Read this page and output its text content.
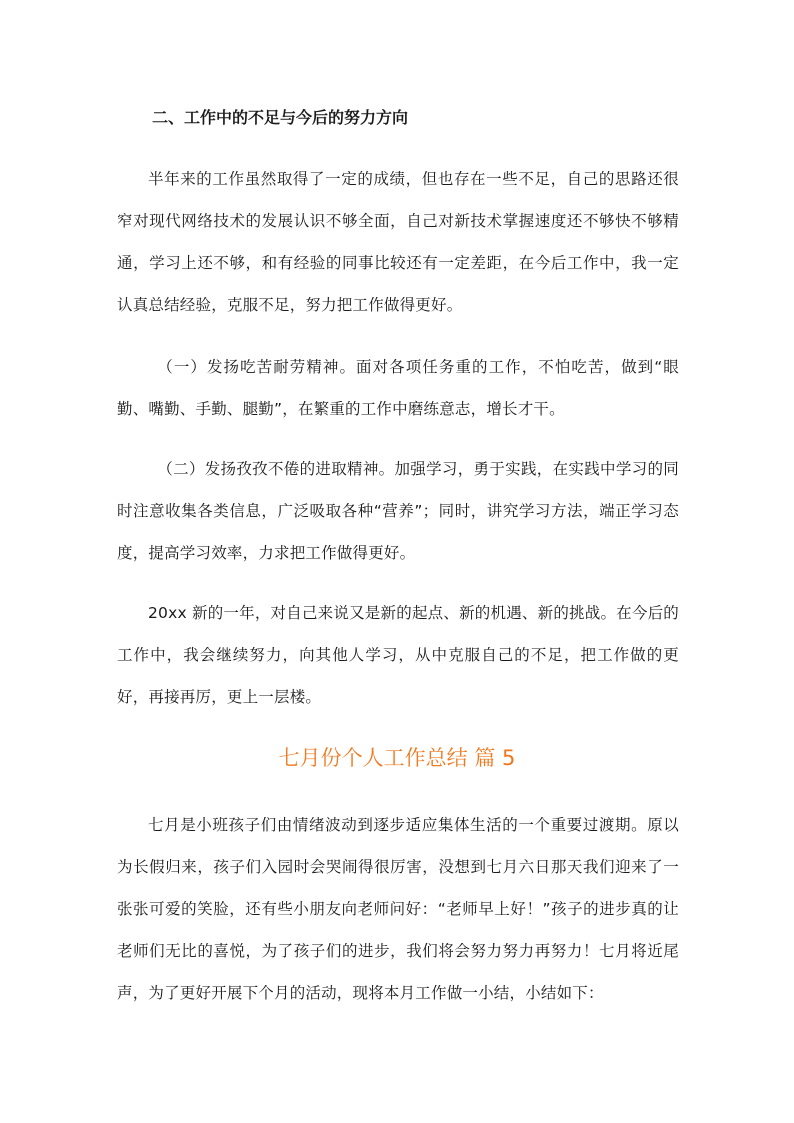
二、工作中的不足与今后的努力方向

半年来的工作虽然取得了一定的成绩，但也存在一些不足，自己的思路还很窄对现代网络技术的发展认识不够全面，自己对新技术掌握速度还不够快不够精通，学习上还不够，和有经验的同事比较还有一定差距，在今后工作中，我一定认真总结经验，克服不足，努力把工作做得更好。

（一）发扬吃苦耐劳精神。面对各项任务重的工作，不怕吃苦，做到“眼勤、嘴勤、手勤、腿勤”，在繁重的工作中磨练意志，增长才干。

（二）发扬孜孜不倦的进取精神。加强学习，勇于实践，在实践中学习的同时注意收集各类信息，广泛吸取各种“营养”；同时，讲究学习方法，端正学习态度，提高学习效率，力求把工作做得更好。

20xx 新的一年，对自己来说又是新的起点、新的机遇、新的挑战。在今后的工作中，我会继续努力，向其他人学习，从中克服自己的不足，把工作做的更好，再接再厉，更上一层楼。

七月份个人工作总结 篇 5

七月是小班孩子们由情绪波动到逐步适应集体生活的一个重要过渡期。原以为长假归来，孩子们入园时会哭闹得很厉害，没想到七月六日那天我们迎来了一张张可爱的笑脸，还有些小朋友向老师问好：“老师早上好！”孩子的进步真的让老师们无比的喜悦，为了孩子们的进步，我们将会努力努力再努力！七月将近尾声，为了更好开展下个月的活动，现将本月工作做一小结，小结如下：
